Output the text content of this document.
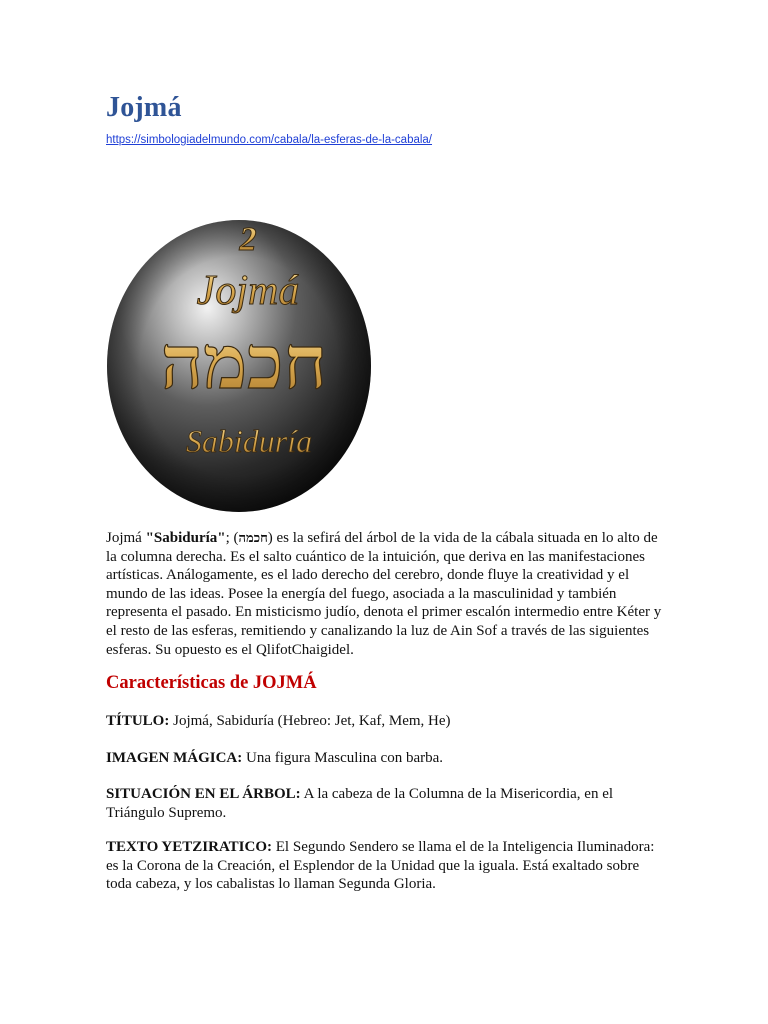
Jojmá
https://simbologiadelmundo.com/cabala/la-esferas-de-la-cabala/
2
Jojmá
חכמה
Sabiduría

Jojmá "Sabiduría"; (חכמה) es la sefirá del árbol de la vida de la cábala situada en lo alto de la columna derecha. Es el salto cuántico de la intuición, que deriva en las manifestaciones artísticas. Análogamente, es el lado derecho del cerebro, donde fluye la creatividad y el mundo de las ideas. Posee la energía del fuego, asociada a la masculinidad y también representa el pasado. En misticismo judío, denota el primer escalón intermedio entre Kéter y el resto de las esferas, remitiendo y canalizando la luz de Ain Sof a través de las siguientes esferas. Su opuesto es el QlifotChaigidel.

Características de JOJMÁ

TÍTULO: Jojmá, Sabiduría (Hebreo: Jet, Kaf, Mem, He)

IMAGEN MÁGICA: Una figura Masculina con barba.

SITUACIÓN EN EL ÁRBOL: A la cabeza de la Columna de la Misericordia, en el Triángulo Supremo.

TEXTO YETZIRATICO: El Segundo Sendero se llama el de la Inteligencia Iluminadora: es la Corona de la Creación, el Esplendor de la Unidad que la iguala. Está exaltado sobre toda cabeza, y los cabalistas lo llaman Segunda Gloria.
